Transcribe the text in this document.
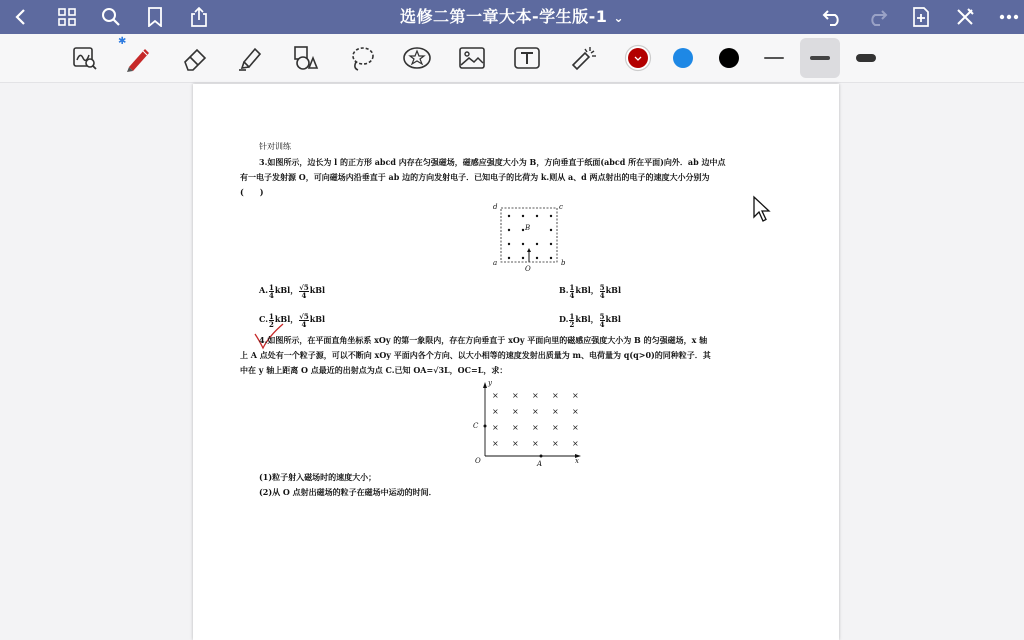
选修二第一章大本-学生版-1 ⌄
✱
针对训练
3.如图所示，边长为 l 的正方形 abcd 内存在匀强磁场，磁感应强度大小为 B，方向垂直于纸面(abcd 所在平面)向外．ab 边中点
有一电子发射源 O，可向磁场内沿垂直于 ab 边的方向发射电子．已知电子的比荷为 k.则从 a、d 两点射出的电子的速度大小分别为
(　　)
d	c
a	b
O
B
A. $\frac{1}{4}$ kBl， $\frac{√5}{4}$ kBl	B. $\frac{1}{4}$ kBl， $\frac{5}{4}$ kBl
C. $\frac{1}{2}$ kBl， $\frac{√5}{4}$ kBl	D. $\frac{1}{2}$ kBl， $\frac{5}{4}$ kBl
4.如图所示，在平面直角坐标系 xOy 的第一象限内，存在方向垂直于 xOy 平面向里的磁感应强度大小为 B 的匀强磁场，x 轴
上 A 点处有一个粒子源，可以不断向 xOy 平面内各个方向、以大小相等的速度发射出质量为 m、电荷量为 q(q>0)的同种粒子．其
中在 y 轴上距离 O 点最近的出射点为点 C.已知 OA=√3L，OC=L，求：
× × × × ×
× × × × ×
× × × × ×
× × × × ×
y
x
O	A
C
(1)粒子射入磁场时的速度大小；
(2)从 O 点射出磁场的粒子在磁场中运动的时间．
